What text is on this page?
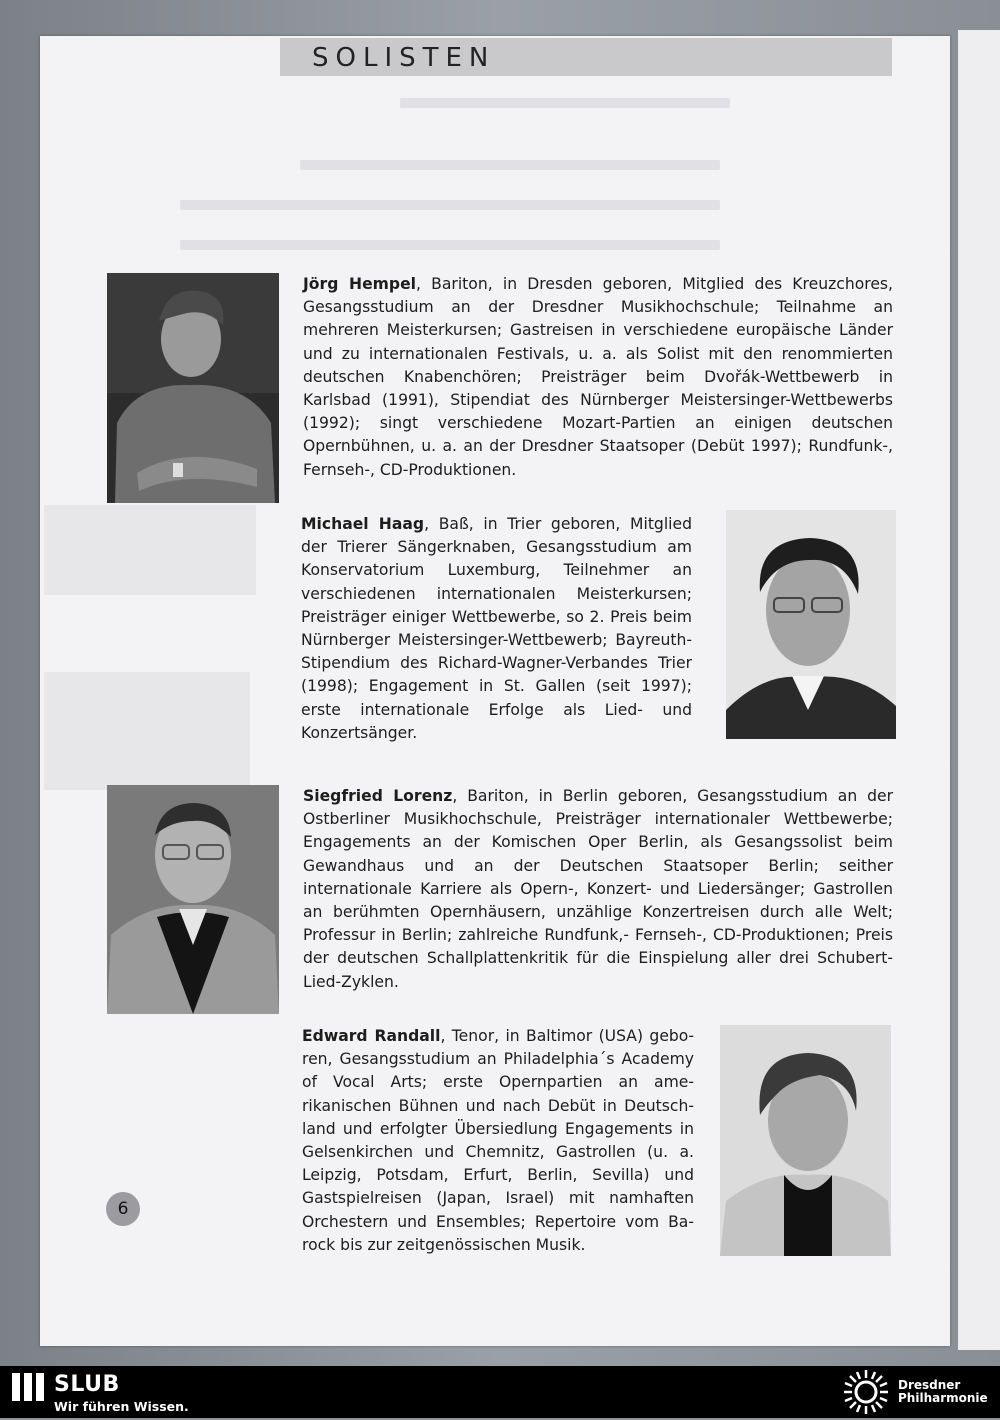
SOLISTEN
Jörg Hempel, Bariton, in Dresden geboren, Mitglied des Kreuzchores, Gesangsstudium an der Dresdner Musikhochschule; Teilnahme an mehreren Meisterkursen; Gastreisen in verschiedene europäische Länder und zu internationalen Festivals, u. a. als Solist mit den renommierten deutschen Knabenchören; Preisträger beim Dvořák-Wettbewerb in Karlsbad (1991), Stipendiat des Nürnberger Meistersinger-Wettbewerbs (1992); singt verschiedene Mozart-Partien an einigen deutschen Opernbühnen, u. a. an der Dresdner Staatsoper (Debüt 1997); Rundfunk-, Fernseh-, CD-Produktionen.
Michael Haag, Baß, in Trier geboren, Mitglied der Trierer Sängerknaben, Gesangsstudium am Konservatorium Luxemburg, Teilnehmer an verschiedenen internationalen Meisterkursen; Preisträger einiger Wettbewerbe, so 2. Preis beim Nürnberger Meistersinger-Wettbewerb; Bayreuth-Stipendium des Richard-Wagner-Verbandes Trier (1998); Engagement in St. Gallen (seit 1997); erste internationale Erfolge als Lied- und Konzertsänger.
Siegfried Lorenz, Bariton, in Berlin geboren, Gesangsstudium an der Ostberliner Musikhochschule, Preisträger internationaler Wettbewerbe; Engagements an der Komischen Oper Berlin, als Gesangssolist beim Gewandhaus und an der Deutschen Staatsoper Berlin; seither internationale Karriere als Opern-, Konzert- und Liedersänger; Gastrollen an berühmten Opernhäusern, unzählige Konzertreisen durch alle Welt; Professur in Berlin; zahlreiche Rundfunk,- Fernseh-, CD-Produktionen; Preis der deutschen Schallplattenkritik für die Einspielung aller drei Schubert-Lied-Zyklen.
Edward Randall, Tenor, in Baltimor (USA) geboren, Gesangsstudium an Philadelphia´s Academy of Vocal Arts; erste Opernpartien an amerikanischen Bühnen und nach Debüt in Deutschland und erfolgter Übersiedlung Engagements in Gelsenkirchen und Chemnitz, Gastrollen (u. a. Leipzig, Potsdam, Erfurt, Berlin, Sevilla) und Gastspielreisen (Japan, Israel) mit namhaften Orchestern und Ensembles; Repertoire vom Barock bis zur zeitgenössischen Musik.
6
SLUB
Wir führen Wissen.
Dresdner
Philharmonie
